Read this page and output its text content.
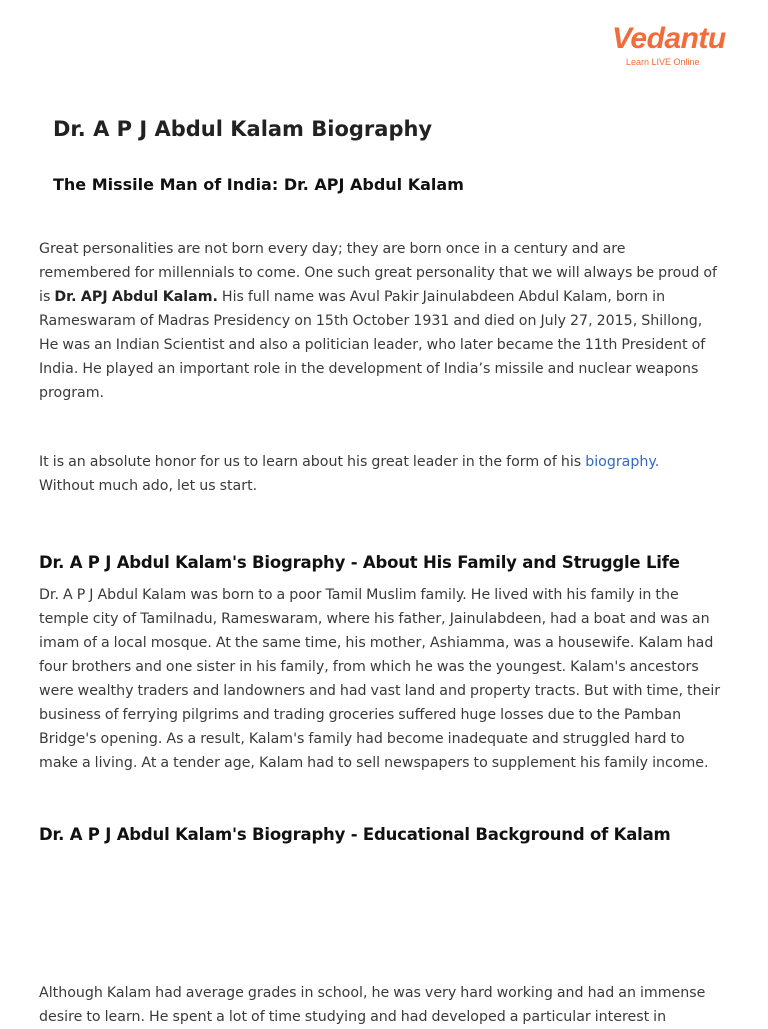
Vedantu
Learn LIVE Online
Dr. A P J Abdul Kalam Biography
The Missile Man of India: Dr. APJ Abdul Kalam
Great personalities are not born every day; they are born once in a century and are
remembered for millennials to come. One such great personality that we will always be proud of
is Dr. APJ Abdul Kalam. His full name was Avul Pakir Jainulabdeen Abdul Kalam, born in
Rameswaram of Madras Presidency on 15th October 1931 and died on July 27, 2015, Shillong,
He was an Indian Scientist and also a politician leader, who later became the 11th President of
India. He played an important role in the development of India’s missile and nuclear weapons
program.
It is an absolute honor for us to learn about his great leader in the form of his biography.
Without much ado, let us start.
Dr. A P J Abdul Kalam's Biography - About His Family and Struggle Life
Dr. A P J Abdul Kalam was born to a poor Tamil Muslim family. He lived with his family in the
temple city of Tamilnadu, Rameswaram, where his father, Jainulabdeen, had a boat and was an
imam of a local mosque. At the same time, his mother, Ashiamma, was a housewife. Kalam had
four brothers and one sister in his family, from which he was the youngest. Kalam's ancestors
were wealthy traders and landowners and had vast land and property tracts. But with time, their
business of ferrying pilgrims and trading groceries suffered huge losses due to the Pamban
Bridge's opening. As a result, Kalam's family had become inadequate and struggled hard to
make a living. At a tender age, Kalam had to sell newspapers to supplement his family income.
Dr. A P J Abdul Kalam's Biography - Educational Background of Kalam
Although Kalam had average grades in school, he was very hard working and had an immense
desire to learn. He spent a lot of time studying and had developed a particular interest in
